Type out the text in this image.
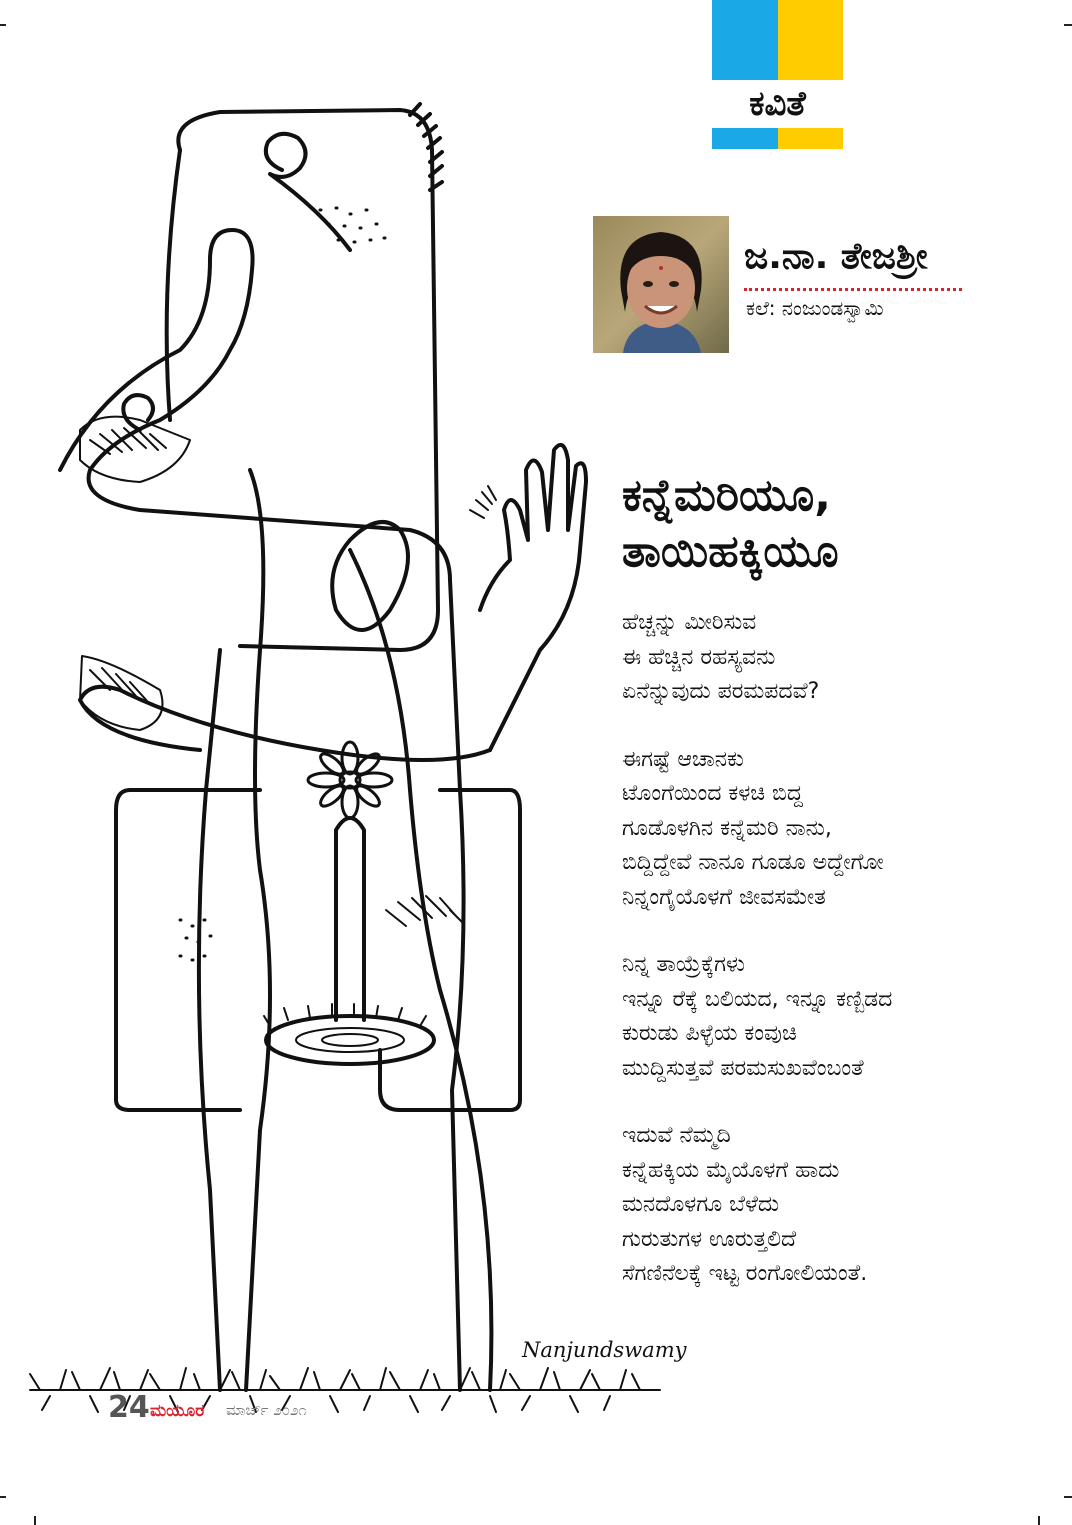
ಕವಿತೆ
ಜ.ನಾ. ತೇಜಶ್ರೀ
ಕಲೆ: ನಂಜುಂಡಸ್ವಾಮಿ
ಕನ್ನೆಮರಿಯೂ,
ತಾಯಿಹಕ್ಕಿಯೂ
ಹೆಚ್ಚನ್ನು ಮೀರಿಸುವ
ಈ ಹೆಚ್ಚಿನ ರಹಸ್ಯವನು
ಏನೆನ್ನುವುದು ಪರಮಪದವೆ?
ಈಗಷ್ಟೆ ಆಚಾನಕು
ಟೊಂಗೆಯಿಂದ ಕಳಚಿ ಬಿದ್ದ
ಗೂಡೊಳಗಿನ ಕನ್ನೆಮರಿ ನಾನು,
ಬಿದ್ದಿದ್ದೇವೆ ನಾನೂ ಗೂಡೂ ಅದ್ದೇಗೋ
ನಿನ್ನಂಗೈಯೊಳಗೆ ಜೀವಸಮೇತ
ನಿನ್ನ ತಾಯ್ರೆಕ್ಕೆಗಳು
ಇನ್ನೂ ರೆಕ್ಕೆ ಬಲಿಯದ, ಇನ್ನೂ ಕಣ್ಬಿಡದ
ಕುರುಡು ಪಿಳ್ಳೆಯ ಕಂವುಚಿ
ಮುದ್ದಿಸುತ್ತವೆ ಪರಮಸುಖವೆಂಬಂತೆ
ಇದುವೆ ನೆಮ್ಮದಿ
ಕನ್ನೆಹಕ್ಕಿಯ ಮೈಯೊಳಗೆ ಹಾದು
ಮನದೊಳಗೂ ಬೆಳೆದು
ಗುರುತುಗಳ ಊರುತ್ತಲಿದೆ
ಸೆಗಣಿನೆಲಕ್ಕೆ ಇಟ್ಟ ರಂಗೋಲಿಯಂತೆ.
Nanjundswamy
24 ಮಯೂರ ಮಾರ್ಚ್ ೨೦೨೧
